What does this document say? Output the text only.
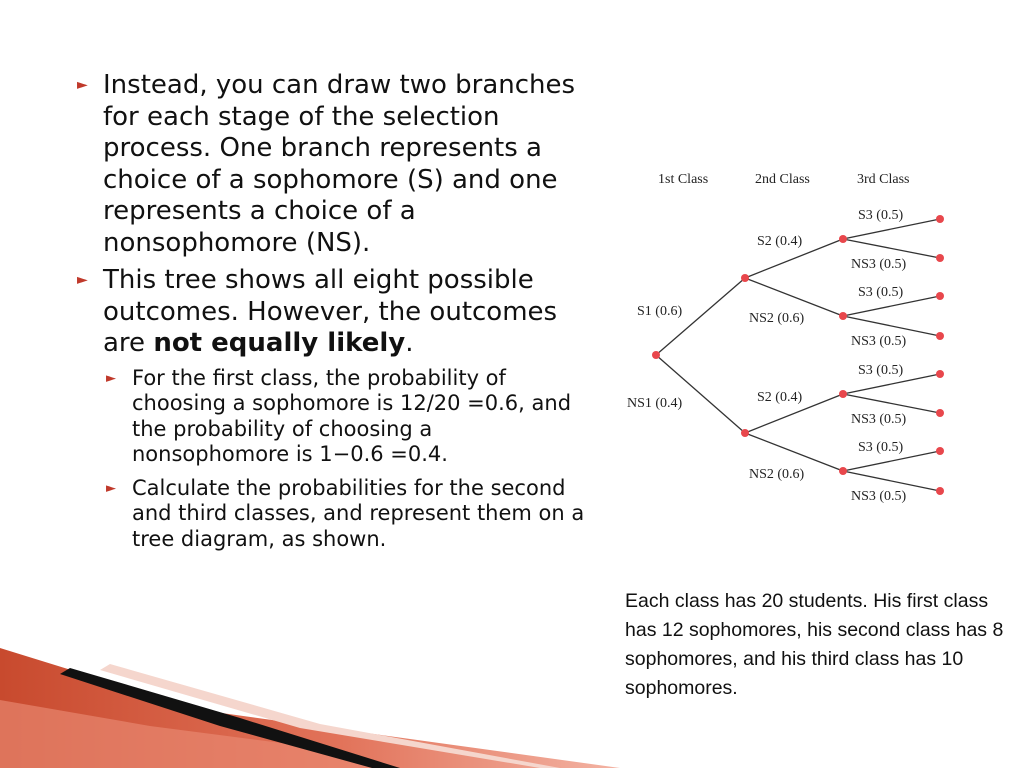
► Instead, you can draw two branches for each stage of the selection process. One branch represents a choice of a sophomore (S) and one represents a choice of a nonsophomore (NS).
► This tree shows all eight possible outcomes. However, the outcomes are not equally likely.
► For the first class, the probability of choosing a sophomore is 12/20 =0.6, and the probability of choosing a nonsophomore is 1−0.6 =0.4.
► Calculate the probabilities for the second and third classes, and represent them on a tree diagram, as shown.
1st Class	2nd Class	3rd Class
S1 (0.6)
NS1 (0.4)
S2 (0.4)
NS2 (0.6)
S2 (0.4)
NS2 (0.6)
S3 (0.5)
NS3 (0.5)
S3 (0.5)
NS3 (0.5)
S3 (0.5)
NS3 (0.5)
S3 (0.5)
NS3 (0.5)
Each class has 20 students. His first class has 12 sophomores, his second class has 8 sophomores, and his third class has 10 sophomores.
